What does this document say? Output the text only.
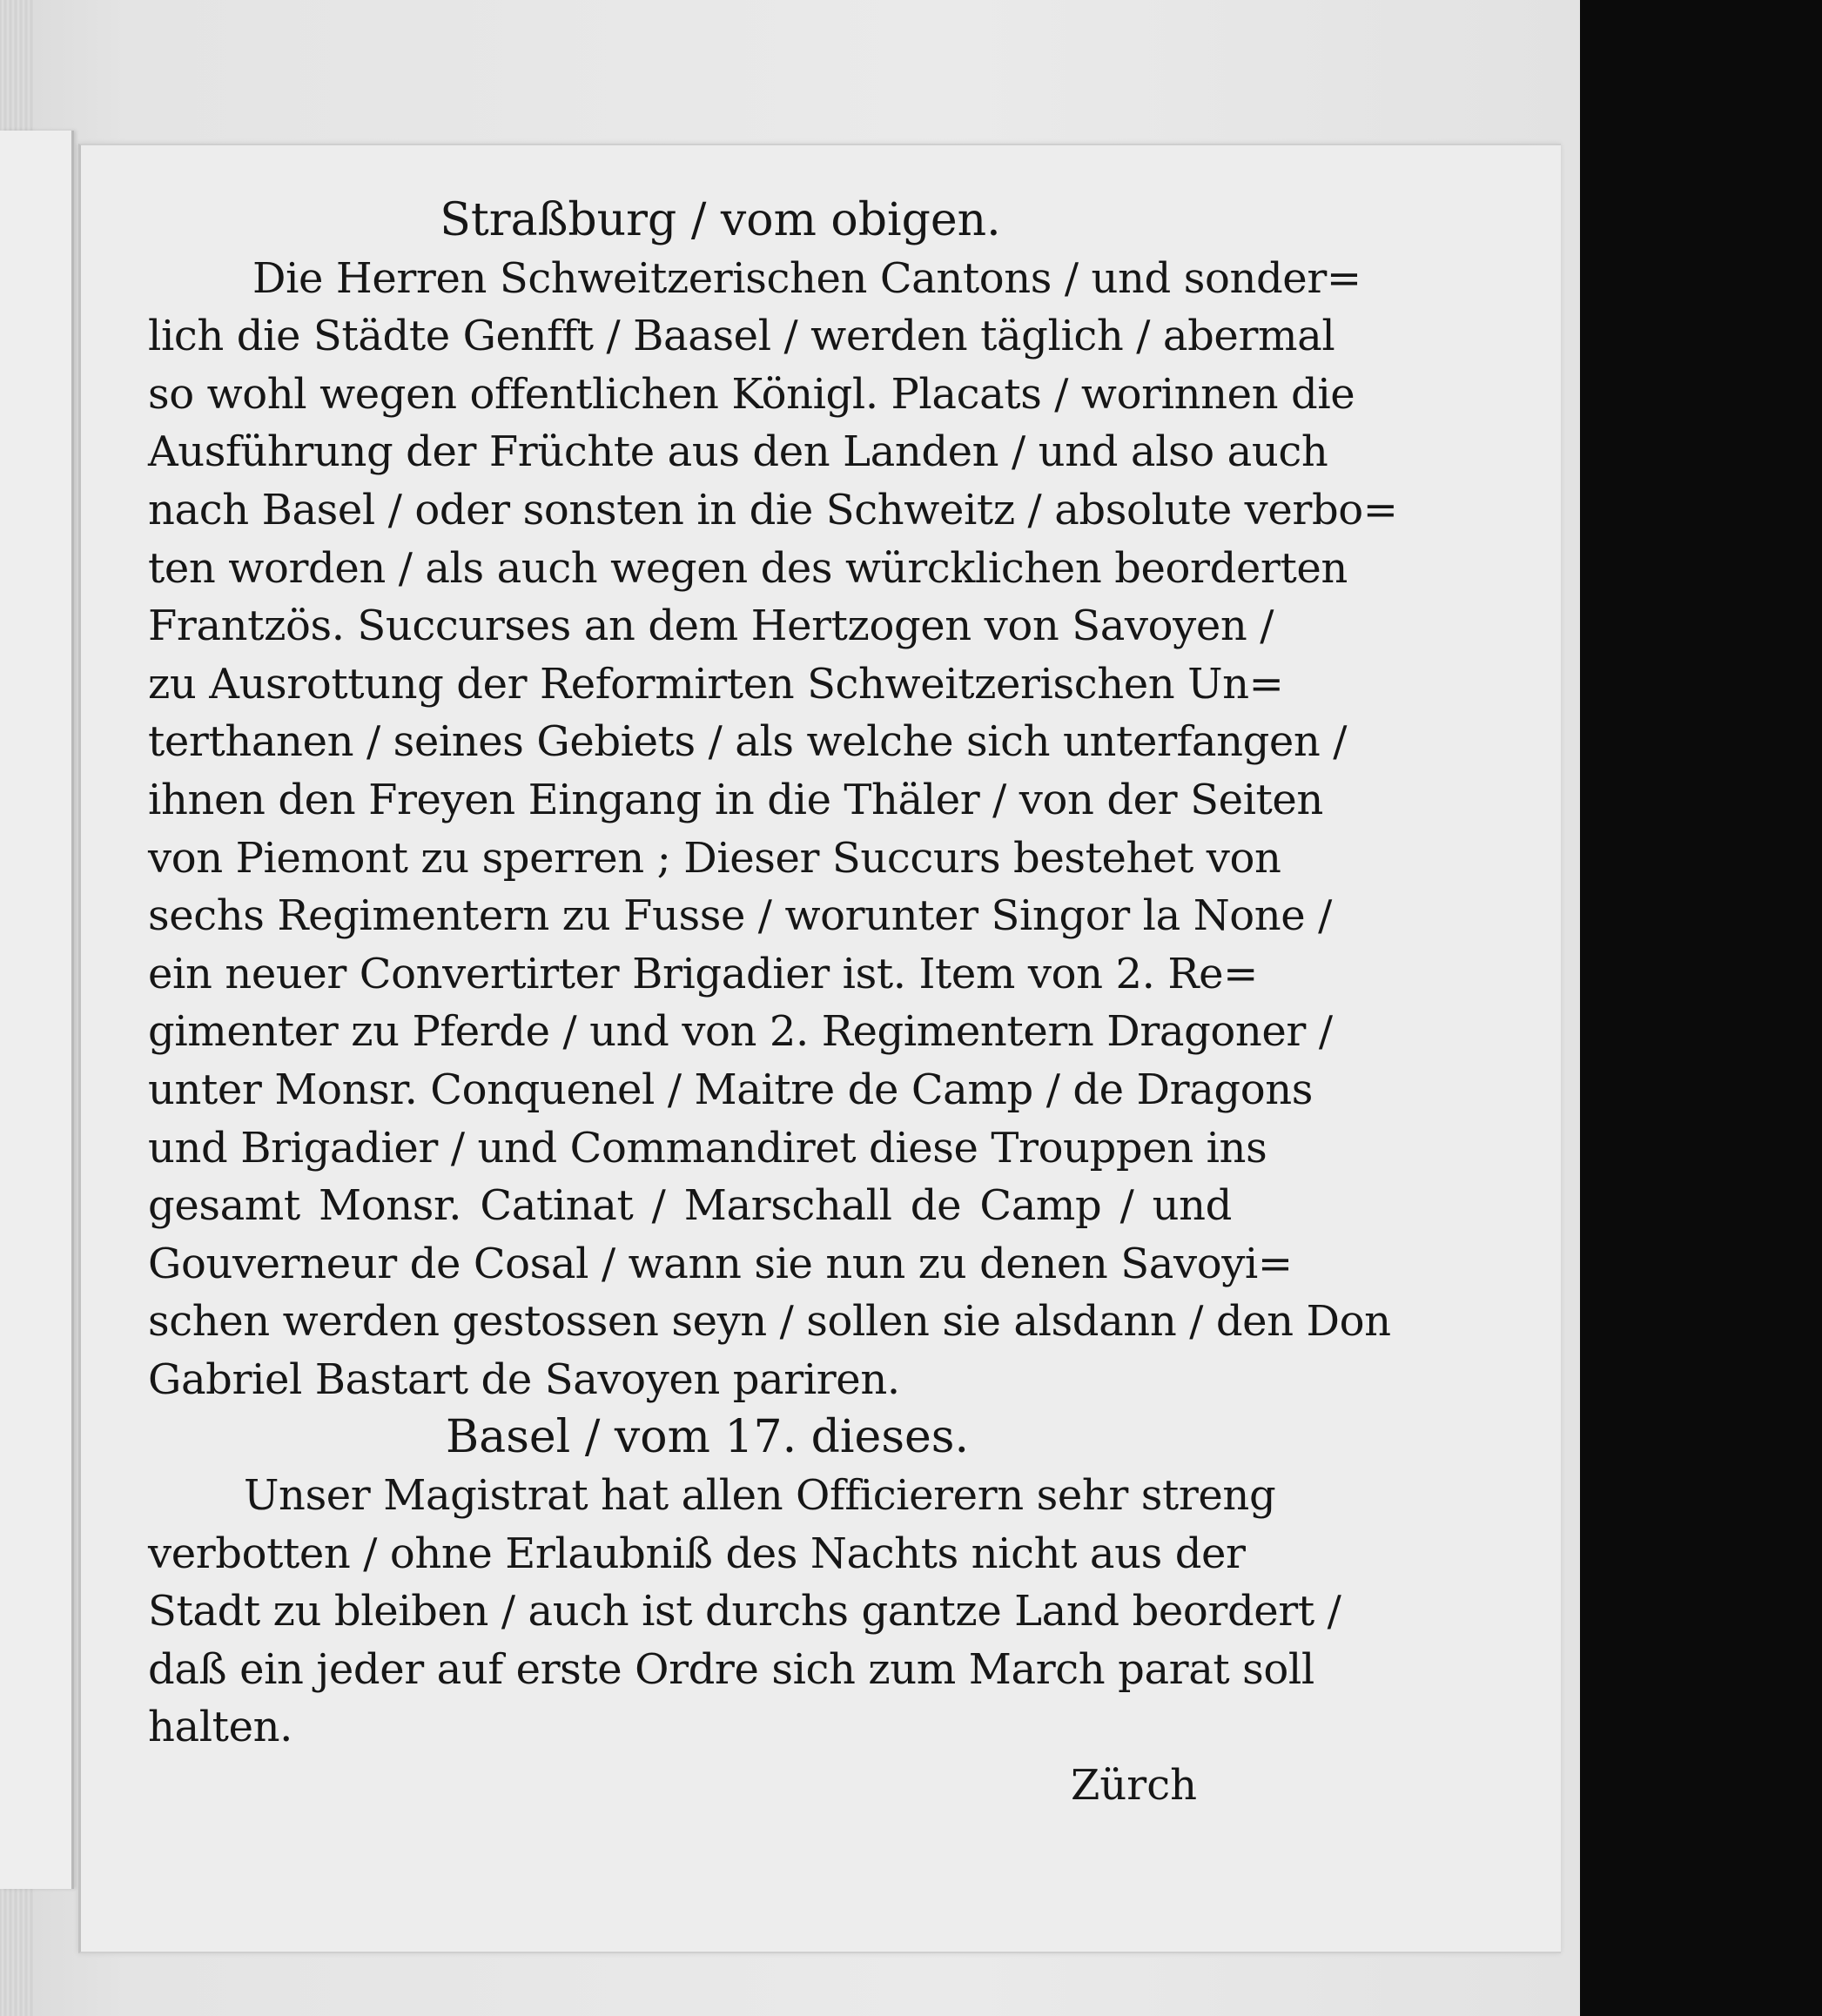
Straßburg / vom obigen.
Die Herren Schweitzerischen Cantons / und sonder=
lich die Städte Genfft / Baasel / werden täglich / abermal
so wohl wegen offentlichen Königl. Placats / worinnen die
Ausführung der Früchte aus den Landen / und also auch
nach Basel / oder sonsten in die Schweitz / absolute verbo=
ten worden / als auch wegen des würcklichen beorderten
Frantzös. Succurses an dem Hertzogen von Savoyen /
zu Ausrottung der Reformirten Schweitzerischen Un=
terthanen / seines Gebiets / als welche sich unterfangen /
ihnen den Freyen Eingang in die Thäler / von der Seiten
von Piemont zu sperren ; Dieser Succurs bestehet von
sechs Regimentern zu Fusse / worunter Singor la None /
ein neuer Convertirter Brigadier ist. Item von 2. Re=
gimenter zu Pferde / und von 2. Regimentern Dragoner /
unter Monsr. Conquenel / Maitre de Camp / de Dragons
und Brigadier / und Commandiret diese Trouppen ins
gesamt Monsr. Catinat / Marschall de Camp / und
Gouverneur de Cosal / wann sie nun zu denen Savoyi=
schen werden gestossen seyn / sollen sie alsdann / den Don
Gabriel Bastart de Savoyen pariren.
Basel / vom 17. dieses.
Unser Magistrat hat allen Officierern sehr streng
verbotten / ohne Erlaubniß des Nachts nicht aus der
Stadt zu bleiben / auch ist durchs gantze Land beordert /
daß ein jeder auf erste Ordre sich zum March parat soll
halten.
Zürch
